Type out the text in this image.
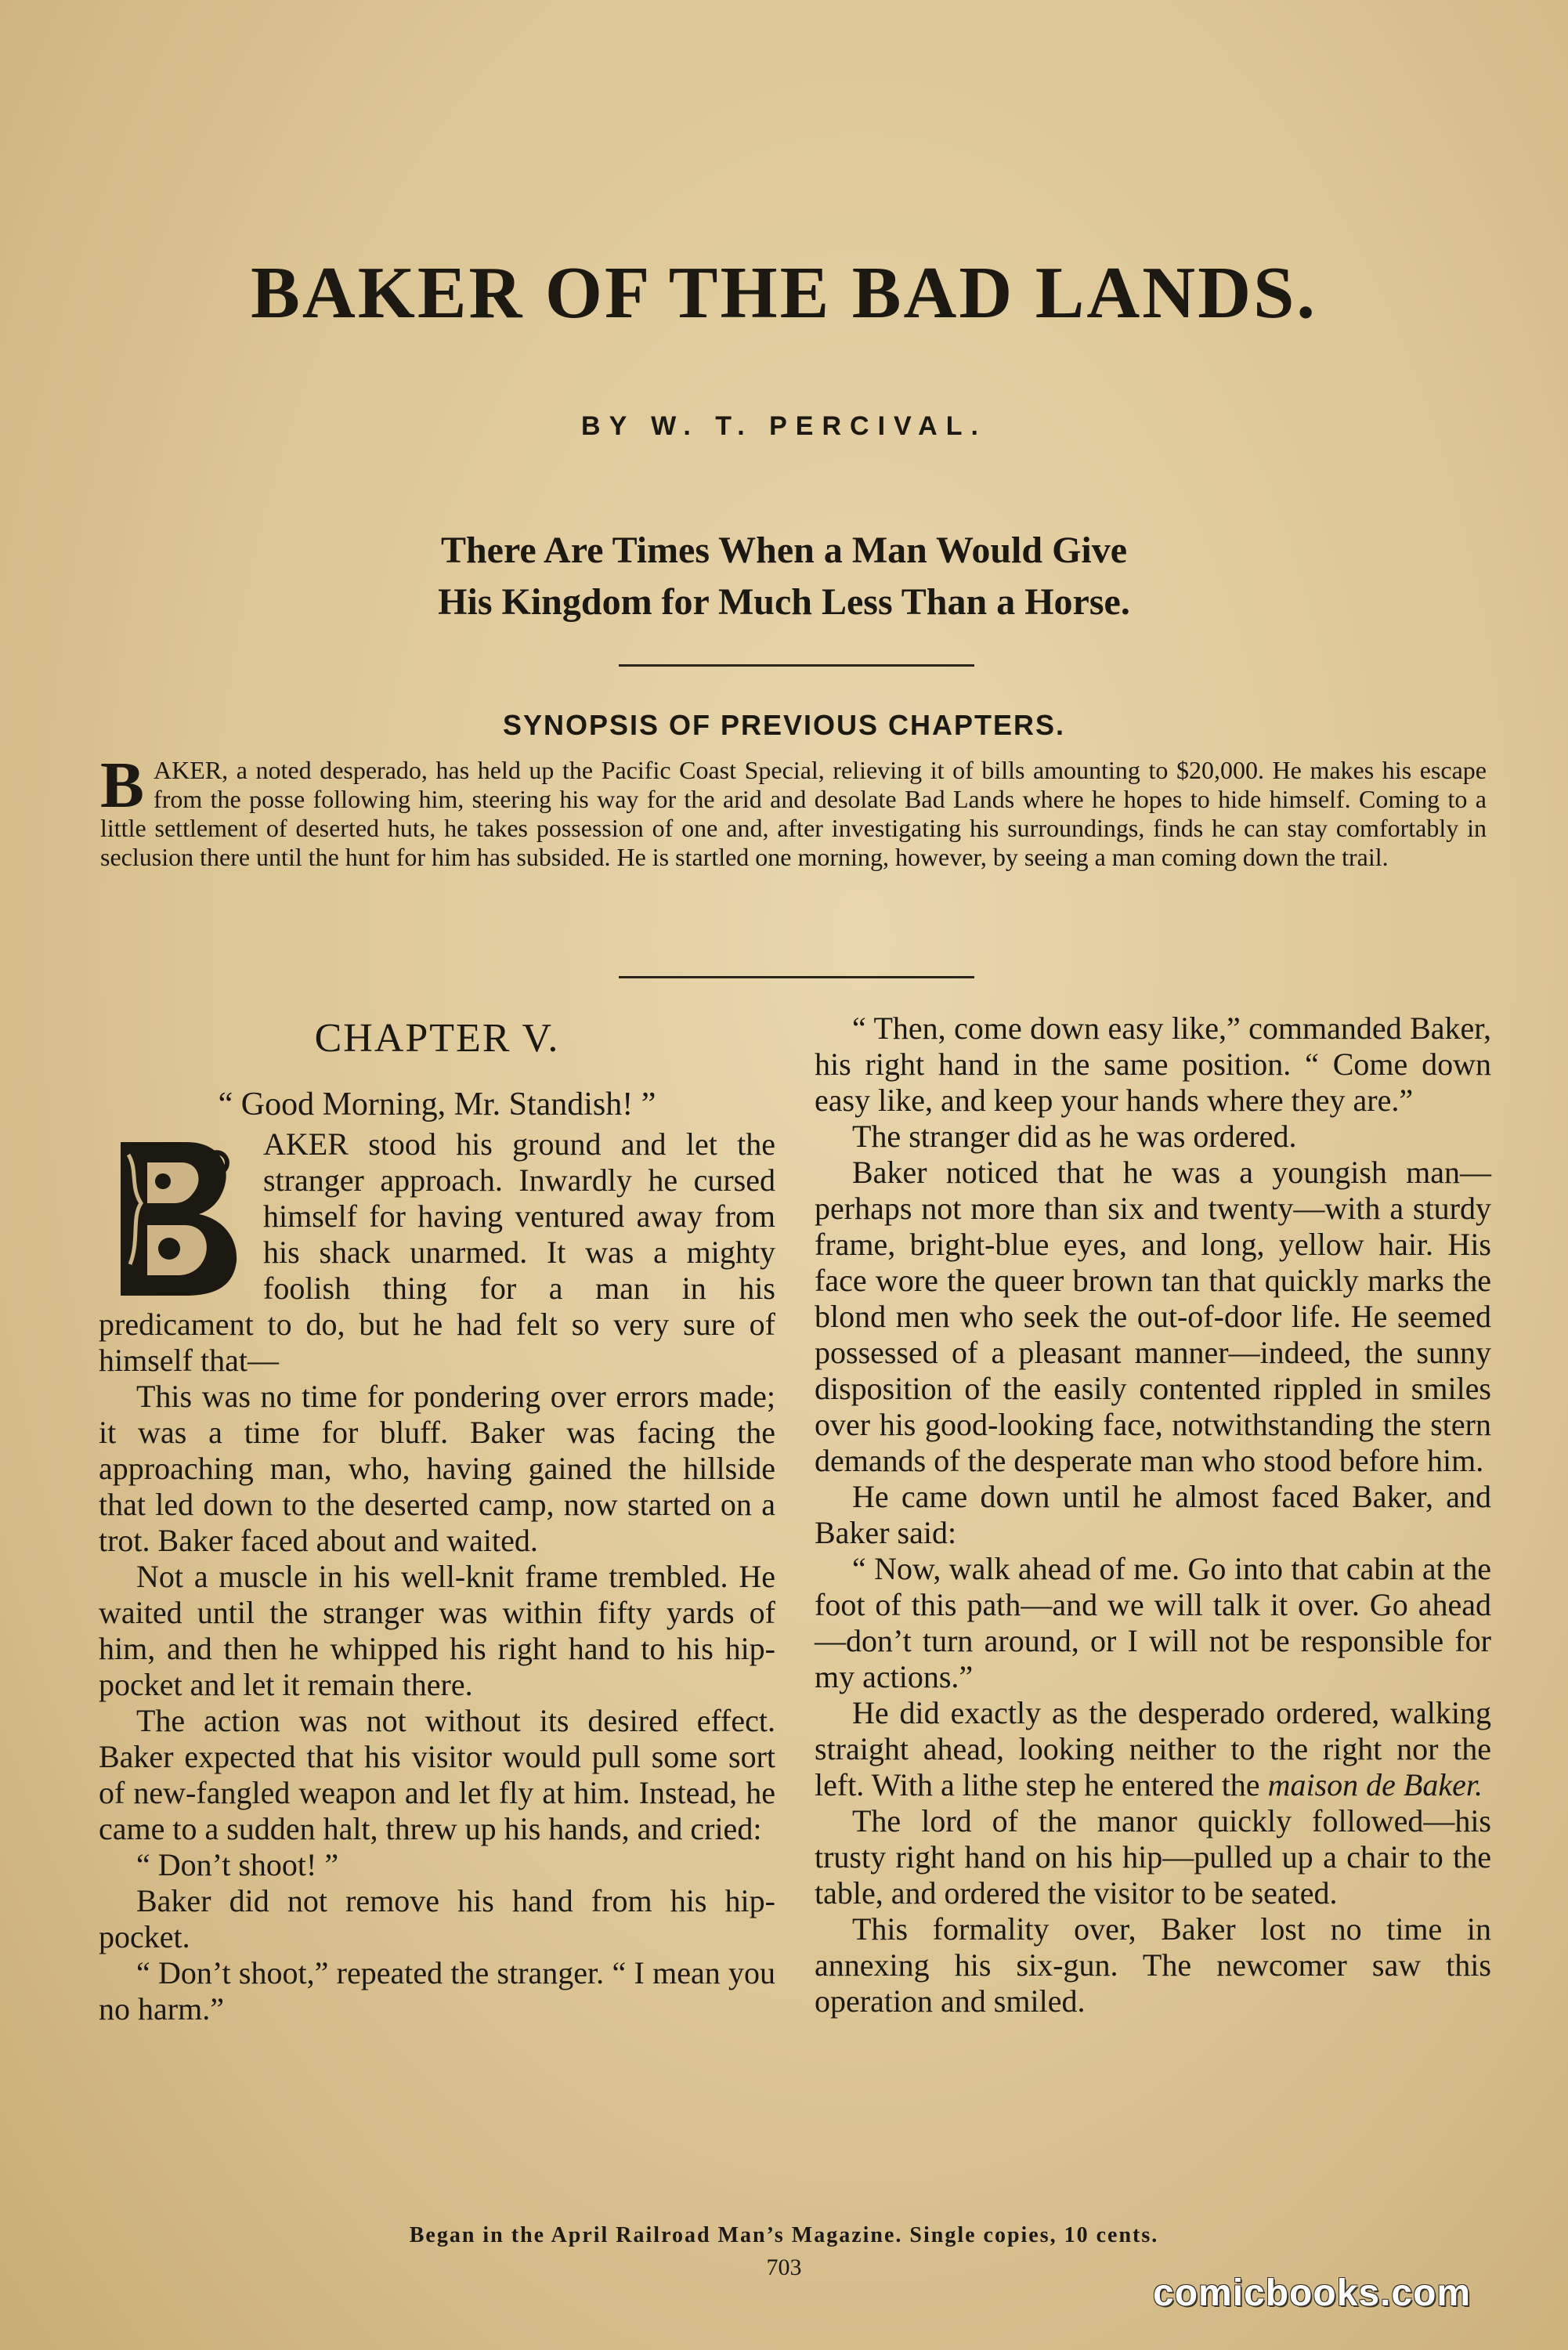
BAKER OF THE BAD LANDS.
BY W. T. PERCIVAL.
There Are Times When a Man Would Give
His Kingdom for Much Less Than a Horse.
SYNOPSIS OF PREVIOUS CHAPTERS.
B AKER, a noted desperado, has held up the Pacific Coast Special, relieving it of bills amounting to $20,000. He makes his escape from the posse following him, steering his way for the arid and desolate Bad Lands where he hopes to hide himself. Coming to a little settlement of deserted huts, he takes possession of one and, after investigating his surroundings, finds he can stay comfortably in seclusion there until the hunt for him has subsided. He is startled one morning, however, by seeing a man coming down the trail.
CHAPTER V.

“ Good Morning, Mr. Standish! ”

AKER stood his ground and let the stranger approach. Inwardly he cursed himself for having ventured away from his shack unarmed. It was a mighty foolish thing for a man in his predicament to do, but he had felt so very sure of himself that—

This was no time for pondering over errors made; it was a time for bluff. Baker was facing the approaching man, who, having gained the hillside that led down to the deserted camp, now started on a trot. Baker faced about and waited.

Not a muscle in his well-knit frame trembled. He waited until the stranger was within fifty yards of him, and then he whipped his right hand to his hip-pocket and let it remain there.

The action was not without its desired effect. Baker expected that his visitor would pull some sort of new-fangled weapon and let fly at him. Instead, he came to a sudden halt, threw up his hands, and cried:

“ Don’t shoot! ”

Baker did not remove his hand from his hip-pocket.

“ Don’t shoot,” repeated the stranger. “ I mean you no harm.”

“ Then, come down easy like,” commanded Baker, his right hand in the same position. “ Come down easy like, and keep your hands where they are.”

The stranger did as he was ordered.

Baker noticed that he was a youngish man—perhaps not more than six and twenty—with a sturdy frame, bright-blue eyes, and long, yellow hair. His face wore the queer brown tan that quickly marks the blond men who seek the out-of-door life. He seemed possessed of a pleasant manner—indeed, the sunny disposition of the easily contented rippled in smiles over his good-looking face, notwithstanding the stern demands of the desperate man who stood before him.

He came down until he almost faced Baker, and Baker said:

“ Now, walk ahead of me. Go into that cabin at the foot of this path—and we will talk it over. Go ahead—don’t turn around, or I will not be responsible for my actions.”

He did exactly as the desperado ordered, walking straight ahead, looking neither to the right nor the left. With a lithe step he entered the maison de Baker.

The lord of the manor quickly followed—his trusty right hand on his hip—pulled up a chair to the table, and ordered the visitor to be seated.

This formality over, Baker lost no time in annexing his six-gun. The newcomer saw this operation and smiled.

Began in the April Railroad Man’s Magazine. Single copies, 10 cents.
703
comicbooks.com
